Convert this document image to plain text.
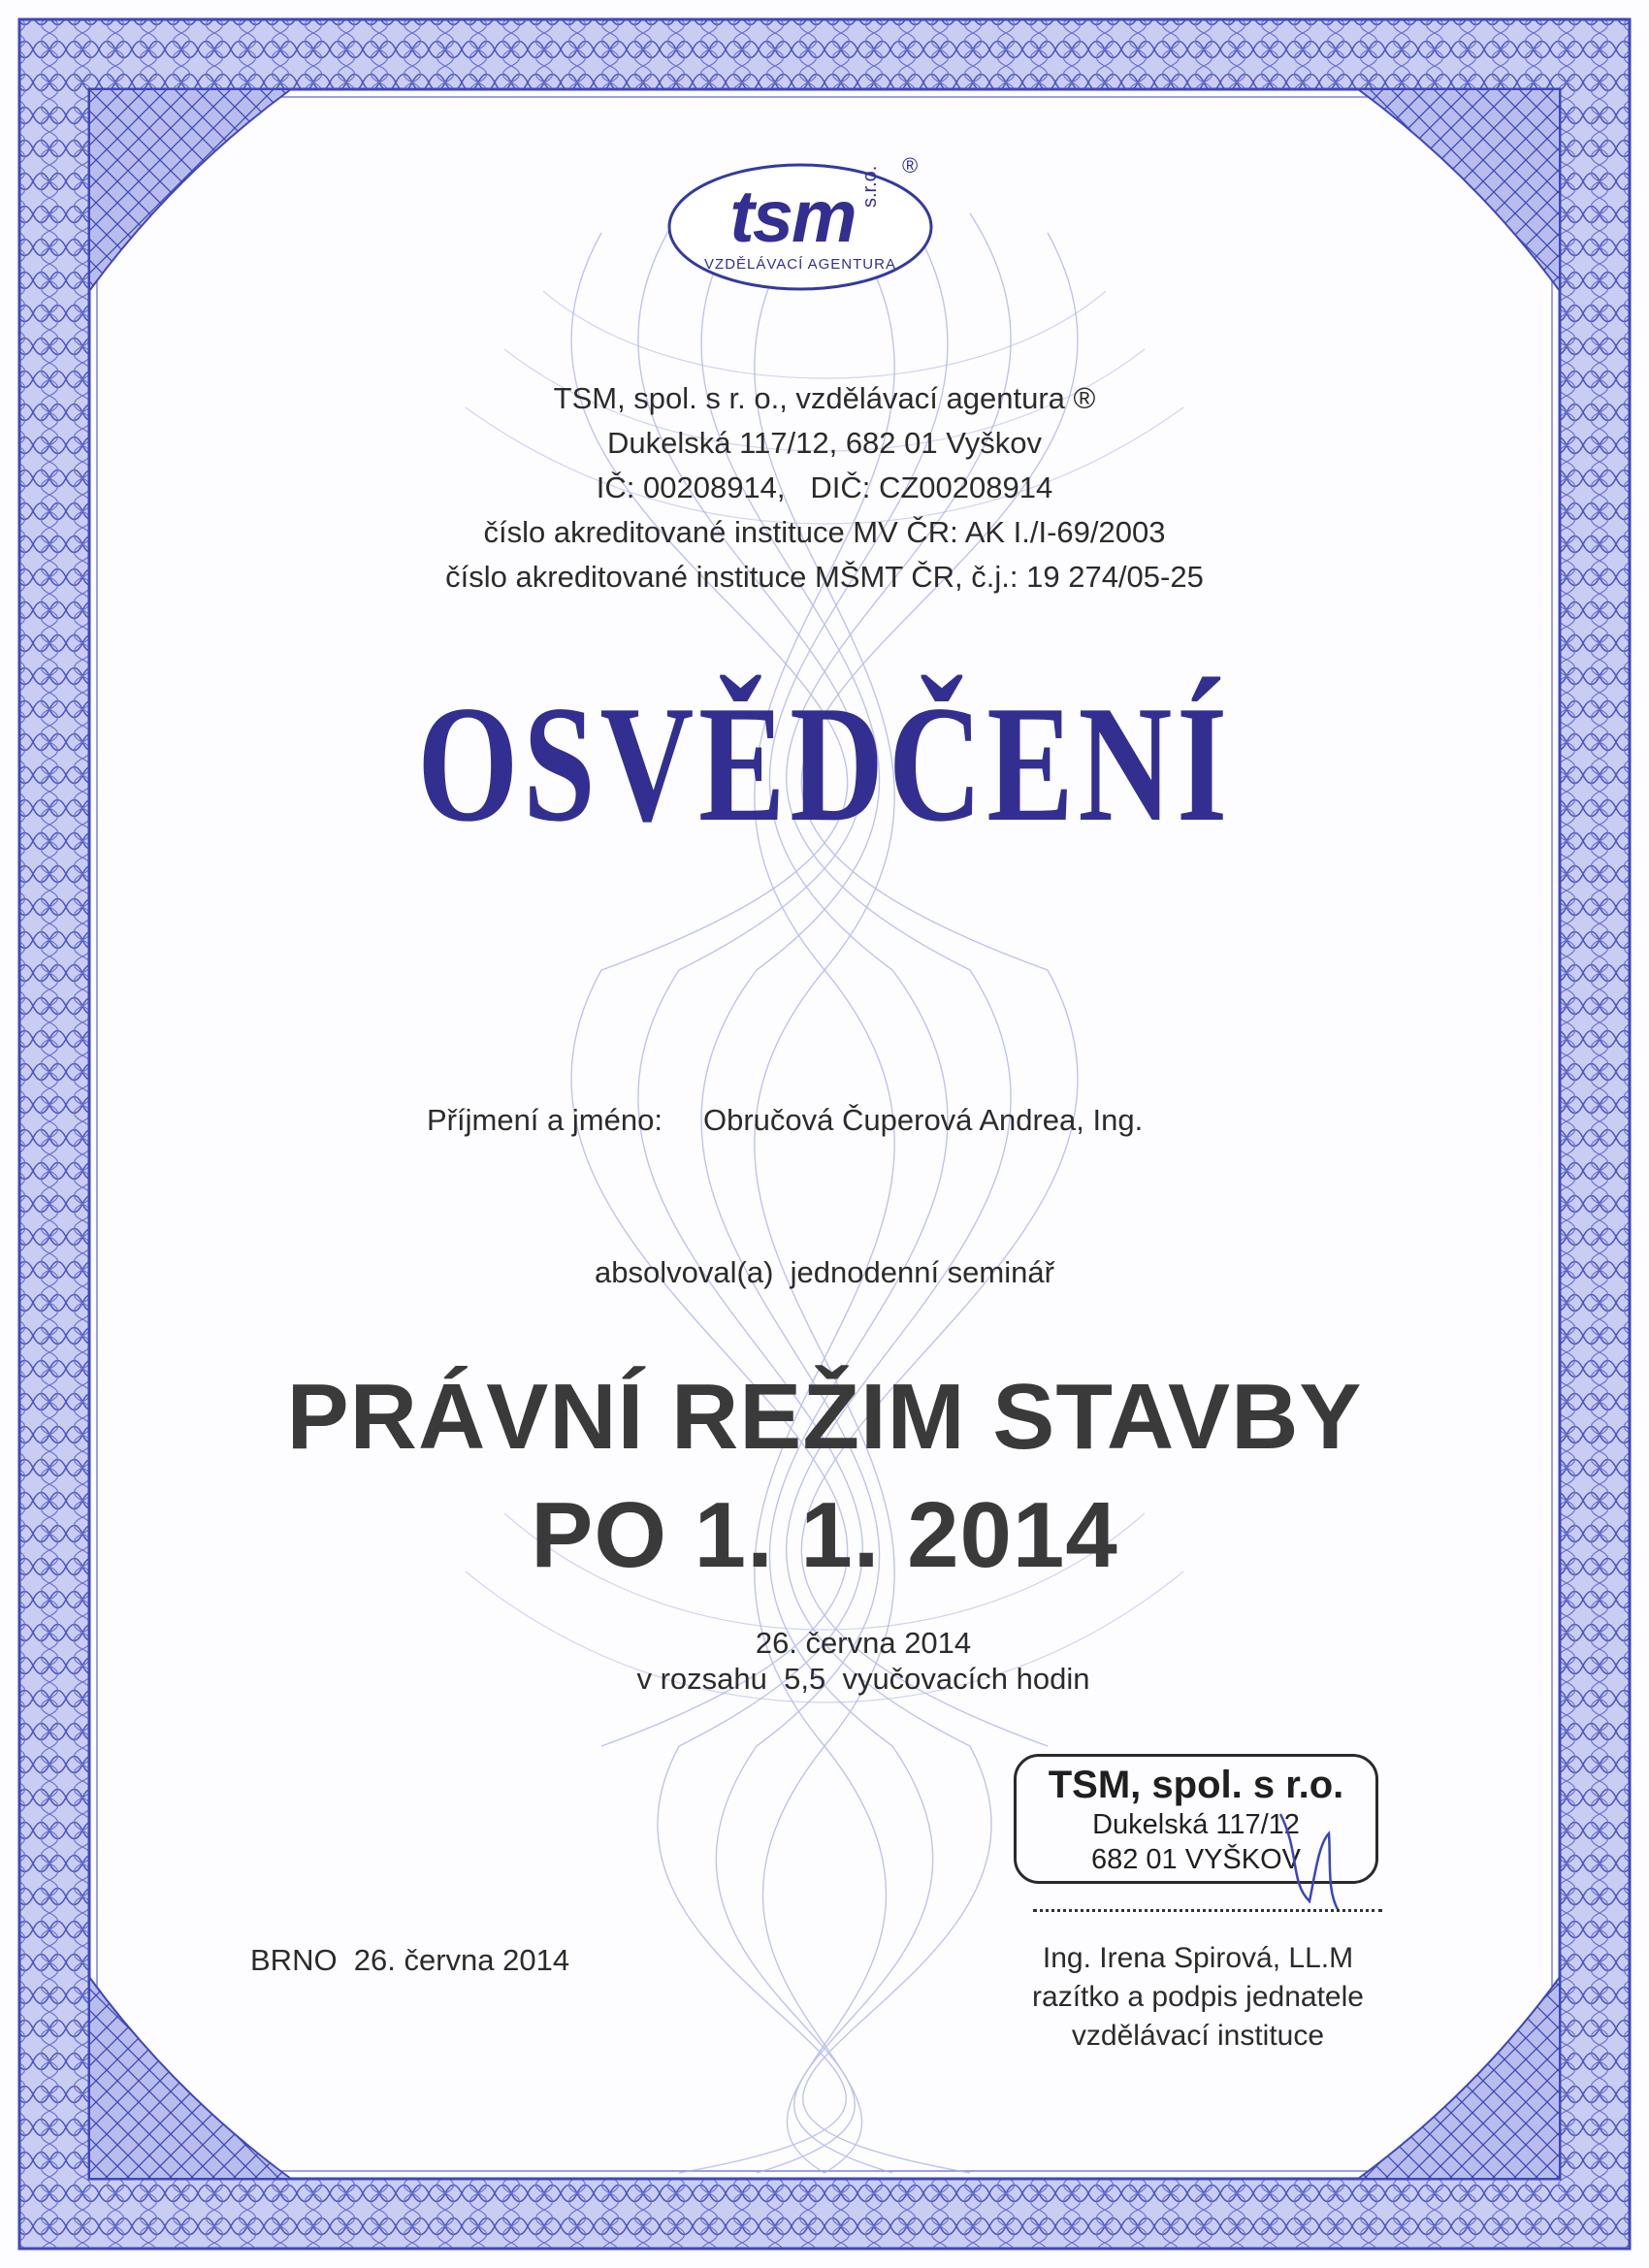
tsm s.r.o.
®
VZDĚLÁVACÍ AGENTURA
TSM, spol. s r. o., vzdělávací agentura ®
Dukelská 117/12, 682 01 Vyškov
IČ: 00208914,   DIČ: CZ00208914
číslo akreditované instituce MV ČR: AK I./I-69/2003
číslo akreditované instituce MŠMT ČR, č.j.: 19 274/05-25
OSVĚDČENÍ
Příjmení a jméno: Obručová Čuperová Andrea, Ing.
absolvoval(a)  jednodenní seminář
PRÁVNÍ REŽIM STAVBY
PO 1. 1. 2014
26. června 2014
v rozsahu  5,5  vyučovacích hodin
TSM, spol. s r.o.
Dukelská 117/12
682 01 VYŠKOV
BRNO  26. června 2014	Ing. Irena Spirová, LL.M
razítko a podpis jednatele
vzdělávací instituce
